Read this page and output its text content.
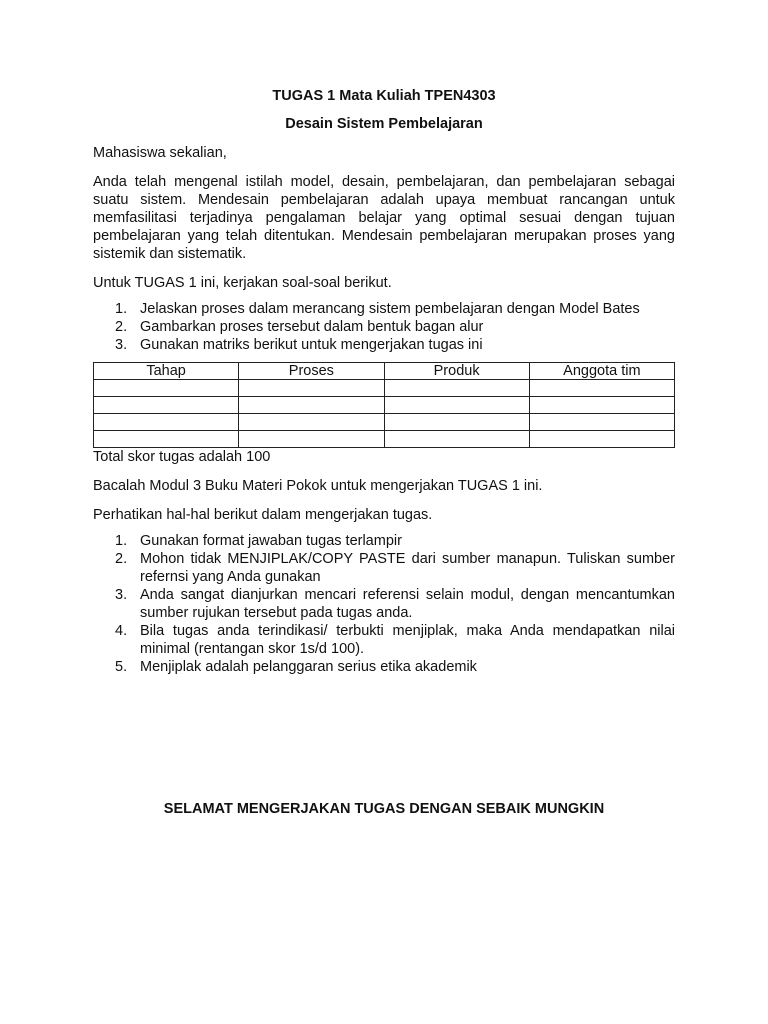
TUGAS 1 Mata Kuliah TPEN4303
Desain Sistem Pembelajaran

Mahasiswa sekalian,

Anda telah mengenal istilah model, desain, pembelajaran, dan pembelajaran sebagai suatu sistem. Mendesain pembelajaran adalah upaya membuat rancangan untuk memfasilitasi terjadinya pengalaman belajar yang optimal sesuai dengan tujuan pembelajaran yang telah ditentukan. Mendesain pembelajaran merupakan proses yang sistemik dan sistematik.

Untuk TUGAS 1 ini, kerjakan soal-soal berikut.

1. Jelaskan proses dalam merancang sistem pembelajaran dengan Model Bates
2. Gambarkan proses tersebut dalam bentuk bagan alur
3. Gunakan matriks berikut untuk mengerjakan tugas ini
Tahap	Proses	Produk	Anggota tim

Total skor tugas adalah 100

Bacalah Modul 3 Buku Materi Pokok untuk mengerjakan TUGAS 1 ini.

Perhatikan hal-hal berikut dalam mengerjakan tugas.

1. Gunakan format jawaban tugas terlampir
2. Mohon tidak MENJIPLAK/COPY PASTE dari sumber manapun. Tuliskan sumber refernsi yang Anda gunakan
3. Anda sangat dianjurkan mencari referensi selain modul, dengan mencantumkan sumber rujukan tersebut pada tugas anda.
4. Bila tugas anda terindikasi/ terbukti menjiplak, maka Anda mendapatkan nilai minimal (rentangan skor 1s/d 100).
5. Menjiplak adalah pelanggaran serius etika akademik
SELAMAT MENGERJAKAN TUGAS DENGAN SEBAIK MUNGKIN
